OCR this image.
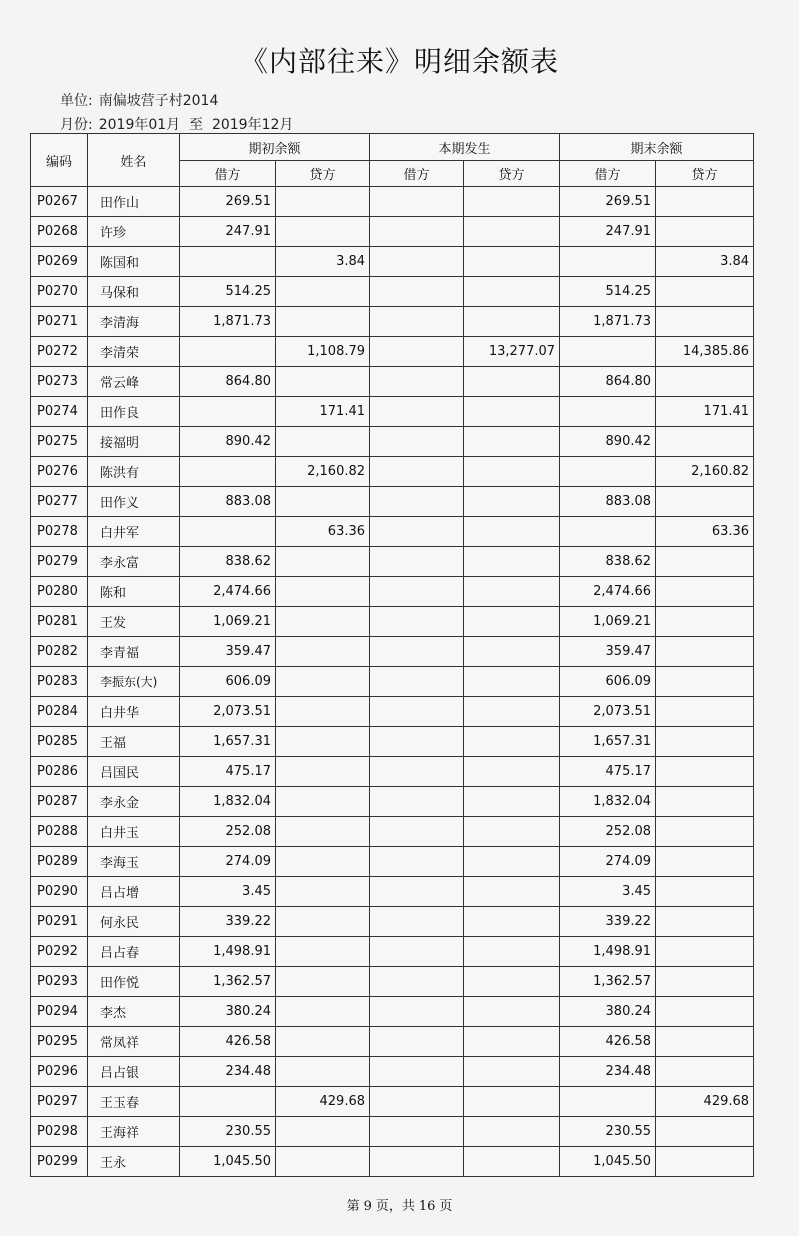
《内部往来》明细余额表
单位: 南偏坡营子村2014
月份: 2019年01月  至  2019年12月
编码	姓名	期初余额		本期发生		期末余额	
		借方	贷方	借方	贷方	借方	贷方
P0267	田作山	269.51				269.51	
P0268	许珍	247.91				247.91	
P0269	陈国和		3.84				3.84
P0270	马保和	514.25				514.25	
P0271	李清海	1,871.73				1,871.73	
P0272	李清荣		1,108.79		13,277.07		14,385.86
P0273	常云峰	864.80				864.80	
P0274	田作良		171.41				171.41
P0275	接福明	890.42				890.42	
P0276	陈洪有		2,160.82				2,160.82
P0277	田作义	883.08				883.08	
P0278	白井军		63.36				63.36
P0279	李永富	838.62				838.62	
P0280	陈和	2,474.66				2,474.66	
P0281	王发	1,069.21				1,069.21	
P0282	李青福	359.47				359.47	
P0283	李振东(大)	606.09				606.09	
P0284	白井华	2,073.51				2,073.51	
P0285	王福	1,657.31				1,657.31	
P0286	吕国民	475.17				475.17	
P0287	李永金	1,832.04				1,832.04	
P0288	白井玉	252.08				252.08	
P0289	李海玉	274.09				274.09	
P0290	吕占增	3.45				3.45	
P0291	何永民	339.22				339.22	
P0292	吕占春	1,498.91				1,498.91	
P0293	田作悦	1,362.57				1,362.57	
P0294	李杰	380.24				380.24	
P0295	常凤祥	426.58				426.58	
P0296	吕占银	234.48				234.48	
P0297	王玉春		429.68				429.68
P0298	王海祥	230.55				230.55	
P0299	王永	1,045.50				1,045.50	
第 9 页，共 16 页
